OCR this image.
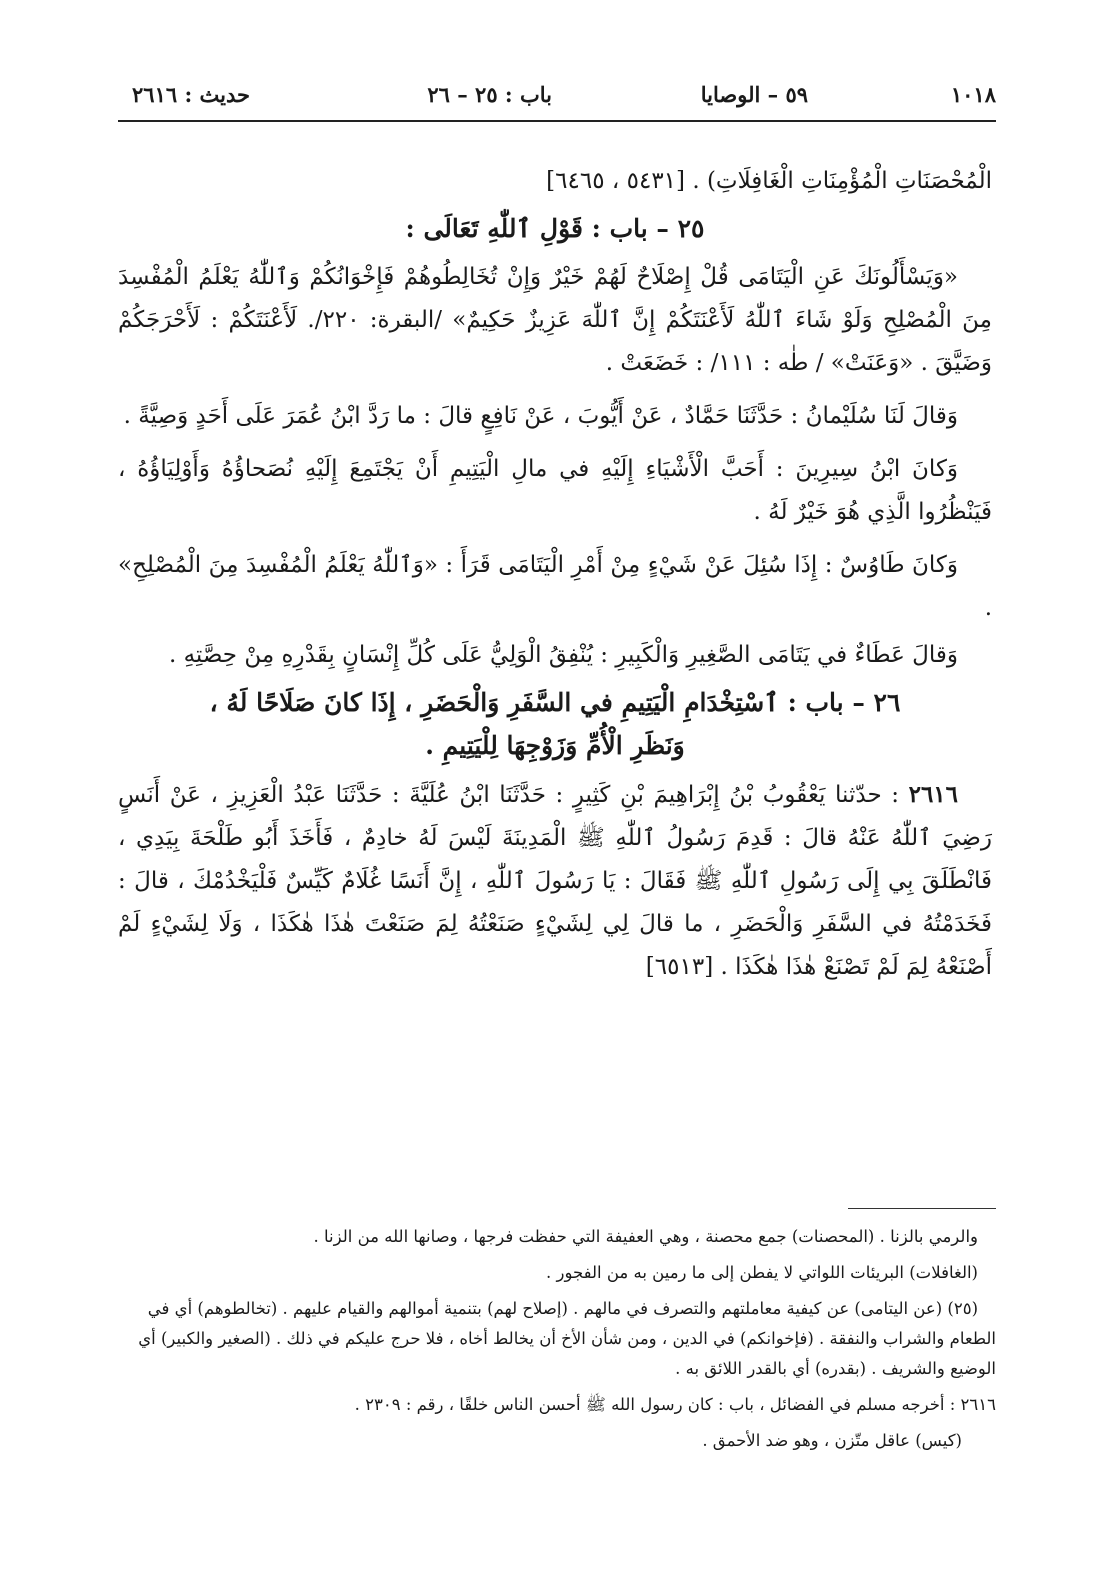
١٠١٨
٥٩ – الوصايا
باب : ٢٥ – ٢٦
حديث : ٢٦١٦

الْمُحْصَنَاتِ الْمُؤْمِنَاتِ الْغَافِلَاتِ) . [٥٤٣١ ، ٦٤٦٥]

٢٥ – باب : قَوْلِ ٱللّٰهِ تَعَالَى :

«وَيَسْأَلُونَكَ عَنِ الْيَتَامَى قُلْ إِصْلَاحٌ لَهُمْ خَيْرٌ وَإِنْ تُخَالِطُوهُمْ فَإِخْوَانُكُمْ وَٱللّٰهُ يَعْلَمُ الْمُفْسِدَ مِنَ الْمُصْلِحِ وَلَوْ شَاءَ ٱللّٰهُ لَأَعْنَتَكُمْ إِنَّ ٱللّٰهَ عَزِيزٌ حَكِيمٌ» /البقرة: ٢٢٠/. لَأَعْنَتَكُمْ : لَأَحْرَجَكُمْ وَضَيَّقَ . «وَعَنَتْ» / طٰه : ١١١/ : خَضَعَتْ .

وَقالَ لَنَا سُلَيْمانُ : حَدَّثَنَا حَمَّادٌ ، عَنْ أَيُّوبَ ، عَنْ نَافِعٍ قالَ : ما رَدَّ ابْنُ عُمَرَ عَلَى أَحَدٍ وَصِيَّةً .

وَكانَ ابْنُ سِيرِينَ : أَحَبَّ الْأَشْيَاءِ إِلَيْهِ في مالِ الْيَتِيمِ أَنْ يَجْتَمِعَ إِلَيْهِ نُصَحاؤُهُ وَأَوْلِيَاؤُهُ ، فَيَنْظُرُوا الَّذِي هُوَ خَيْرٌ لَهُ .

وَكانَ طَاوُسٌ : إِذَا سُئِلَ عَنْ شَيْءٍ مِنْ أَمْرِ الْيَتَامَى قَرَأَ : «وَٱللّٰهُ يَعْلَمُ الْمُفْسِدَ مِنَ الْمُصْلِحِ» .

وَقالَ عَطَاءٌ في يَتَامَى الصَّغِيرِ وَالْكَبِيرِ : يُنْفِقُ الْوَلِيُّ عَلَى كُلِّ إِنْسَانٍ بِقَدْرِهِ مِنْ حِصَّتِهِ .

٢٦ – باب : ٱسْتِخْدَامِ الْيَتِيمِ في السَّفَرِ وَالْحَضَرِ ، إِذَا كانَ صَلَاحًا لَهُ ،
وَنَظَرِ الْأُمِّ وَزَوْجِهَا لِلْيَتِيمِ .

٢٦١٦ : حدّثنا يَعْقُوبُ بْنُ إِبْرَاهِيمَ بْنِ كَثِيرٍ : حَدَّثَنَا ابْنُ عُلَيَّةَ : حَدَّثَنَا عَبْدُ الْعَزِيزِ ، عَنْ أَنَسٍ رَضِيَ ٱللّٰهُ عَنْهُ قالَ : قَدِمَ رَسُولُ ٱللّٰهِ ﷺ الْمَدِينَةَ لَيْسَ لَهُ خادِمٌ ، فَأَخَذَ أَبُو طَلْحَةَ بِيَدِي ، فَانْطَلَقَ بِي إِلَى رَسُولِ ٱللّٰهِ ﷺ فَقَالَ : يَا رَسُولَ ٱللّٰهِ ، إِنَّ أَنَسًا غُلَامٌ كَيِّسٌ فَلْيَخْدُمْكَ ، قالَ : فَخَدَمْتُهُ في السَّفَرِ وَالْحَضَرِ ، ما قالَ لِي لِشَيْءٍ صَنَعْتُهُ لِمَ صَنَعْتَ هٰذَا هٰكَذَا ، وَلَا لِشَيْءٍ لَمْ أَصْنَعْهُ لِمَ لَمْ تَصْنَعْ هٰذَا هٰكَذَا . [٦٥١٣]

والرمي بالزنا . (المحصنات) جمع محصنة ، وهي العفيفة التي حفظت فرجها ، وصانها الله من الزنا .

(الغافلات) البريئات اللواتي لا يفطن إلى ما رمين به من الفجور .

(٢٥) (عن اليتامى) عن كيفية معاملتهم والتصرف في مالهم . (إصلاح لهم) بتنمية أموالهم والقيام عليهم . (تخالطوهم) أي في الطعام والشراب والنفقة . (فإخوانكم) في الدين ، ومن شأن الأخ أن يخالط أخاه ، فلا حرج عليكم في ذلك . (الصغير والكبير) أي الوضيع والشريف . (بقدره) أي بالقدر اللائق به .

٢٦١٦ : أخرجه مسلم في الفضائل ، باب : كان رسول الله ﷺ أحسن الناس خلقًا ، رقم : ٢٣٠٩ .

(كيس) عاقل متّزن ، وهو ضد الأحمق .
